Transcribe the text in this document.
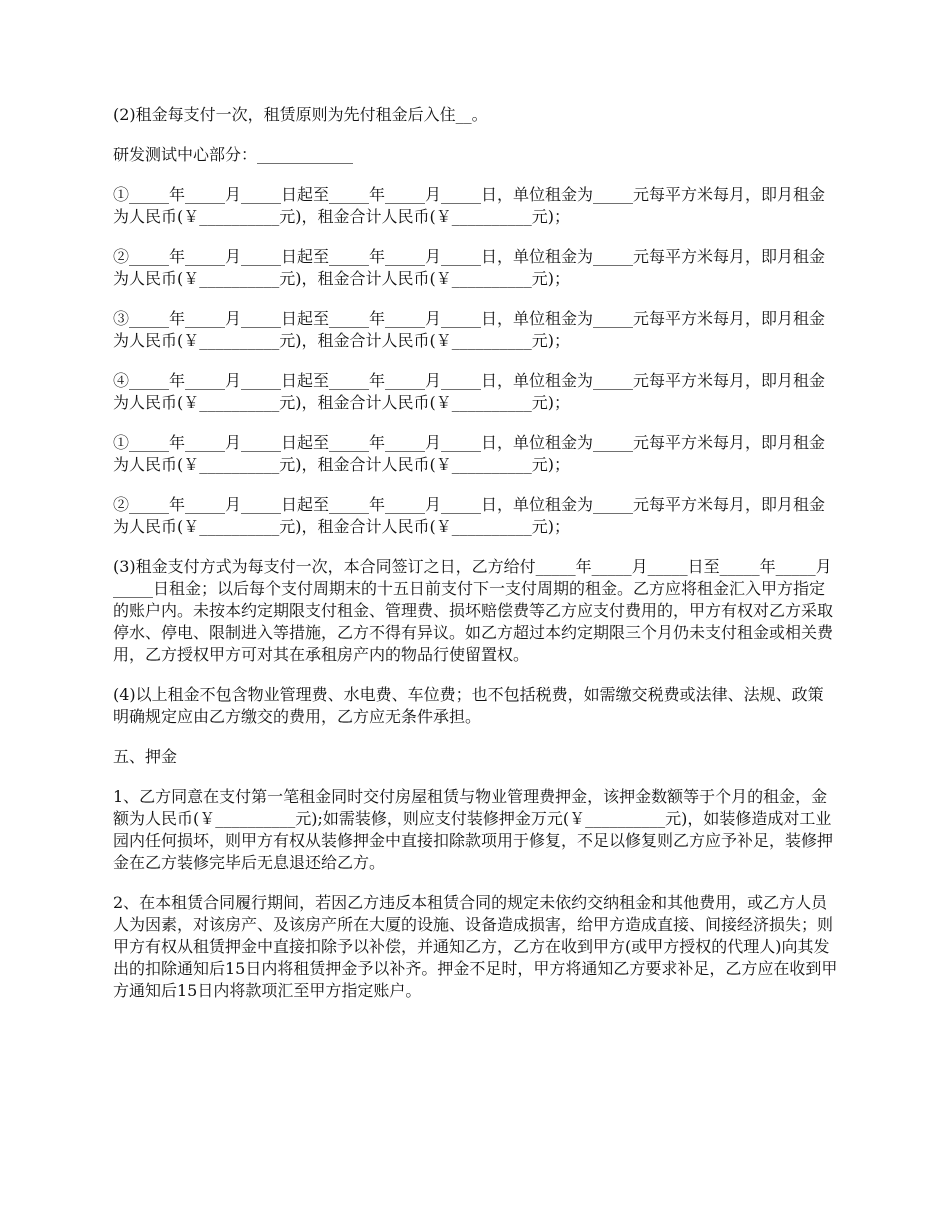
(2)租金每支付一次，租赁原则为先付租金后入住__。

研发测试中心部分：____________

①_____年_____月_____日起至_____年_____月_____日，单位租金为_____元每平方米每月，即月租金为人民币(￥__________元)，租金合计人民币(￥__________元)；

②_____年_____月_____日起至_____年_____月_____日，单位租金为_____元每平方米每月，即月租金为人民币(￥__________元)，租金合计人民币(￥__________元)；

③_____年_____月_____日起至_____年_____月_____日，单位租金为_____元每平方米每月，即月租金为人民币(￥__________元)，租金合计人民币(￥__________元)；

④_____年_____月_____日起至_____年_____月_____日，单位租金为_____元每平方米每月，即月租金为人民币(￥__________元)，租金合计人民币(￥__________元)；

①_____年_____月_____日起至_____年_____月_____日，单位租金为_____元每平方米每月，即月租金为人民币(￥__________元)，租金合计人民币(￥__________元)；

②_____年_____月_____日起至_____年_____月_____日，单位租金为_____元每平方米每月，即月租金为人民币(￥__________元)，租金合计人民币(￥__________元)；

(3)租金支付方式为每支付一次，本合同签订之日，乙方给付_____年_____月_____日至_____年_____月_____日租金；以后每个支付周期末的十五日前支付下一支付周期的租金。乙方应将租金汇入甲方指定的账户内。未按本约定期限支付租金、管理费、损坏赔偿费等乙方应支付费用的，甲方有权对乙方采取停水、停电、限制进入等措施，乙方不得有异议。如乙方超过本约定期限三个月仍未支付租金或相关费用，乙方授权甲方可对其在承租房产内的物品行使留置权。

(4)以上租金不包含物业管理费、水电费、车位费；也不包括税费，如需缴交税费或法律、法规、政策明确规定应由乙方缴交的费用，乙方应无条件承担。

五、押金

1、乙方同意在支付第一笔租金同时交付房屋租赁与物业管理费押金，该押金数额等于个月的租金，金额为人民币(￥__________元);如需装修，则应支付装修押金万元(￥__________元)，如装修造成对工业园内任何损坏，则甲方有权从装修押金中直接扣除款项用于修复，不足以修复则乙方应予补足，装修押金在乙方装修完毕后无息退还给乙方。

2、在本租赁合同履行期间，若因乙方违反本租赁合同的规定未依约交纳租金和其他费用，或乙方人员人为因素，对该房产、及该房产所在大厦的设施、设备造成损害，给甲方造成直接、间接经济损失；则甲方有权从租赁押金中直接扣除予以补偿，并通知乙方，乙方在收到甲方(或甲方授权的代理人)向其发出的扣除通知后15日内将租赁押金予以补齐。押金不足时，甲方将通知乙方要求补足，乙方应在收到甲方通知后15日内将款项汇至甲方指定账户。
